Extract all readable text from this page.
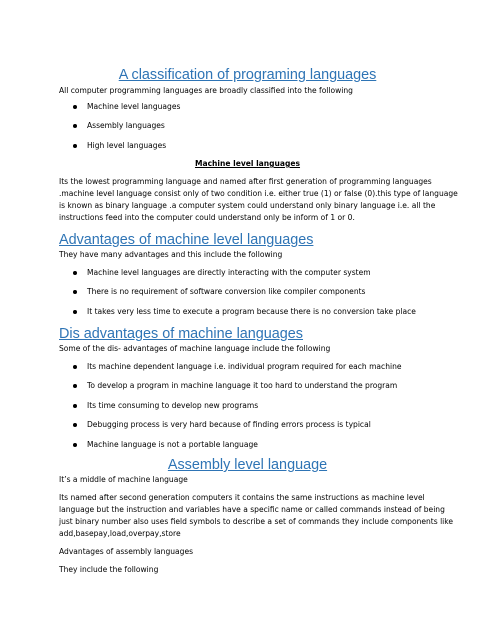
A classification of programing languages

All computer programming languages are broadly classified into the following

Machine level languages
Assembly languages
High level languages

Machine level languages

Its the lowest programming language and named after first generation of programming languages

.machine level language consist only of two condition i.e. either true (1) or false (0).this type of language

is known as binary language .a computer system could understand only binary language i.e. all the

instructions feed into the computer could understand only be inform of 1 or 0.

Advantages of machine level languages

They have many advantages and this include the following

Machine level languages are directly interacting with the computer system
There is no requirement of software conversion like compiler components
It takes very less time to execute a program because there is no conversion take place
Dis advantages of machine languages

Some of the dis- advantages of machine language include the following

Its machine dependent language i.e. individual program required for each machine
To develop a program in machine language it too hard to understand the program
Its time consuming to develop new programs
Debugging process is very hard because of finding errors process is typical
Machine language is not a portable language
Assembly level language

It’s a middle of machine language

Its named after second generation computers it contains the same instructions as machine level

language but the instruction and variables have a specific name or called commands instead of being

just binary number also uses field symbols to describe a set of commands they include components like

add,basepay,load,overpay,store

Advantages of assembly languages

They include the following
